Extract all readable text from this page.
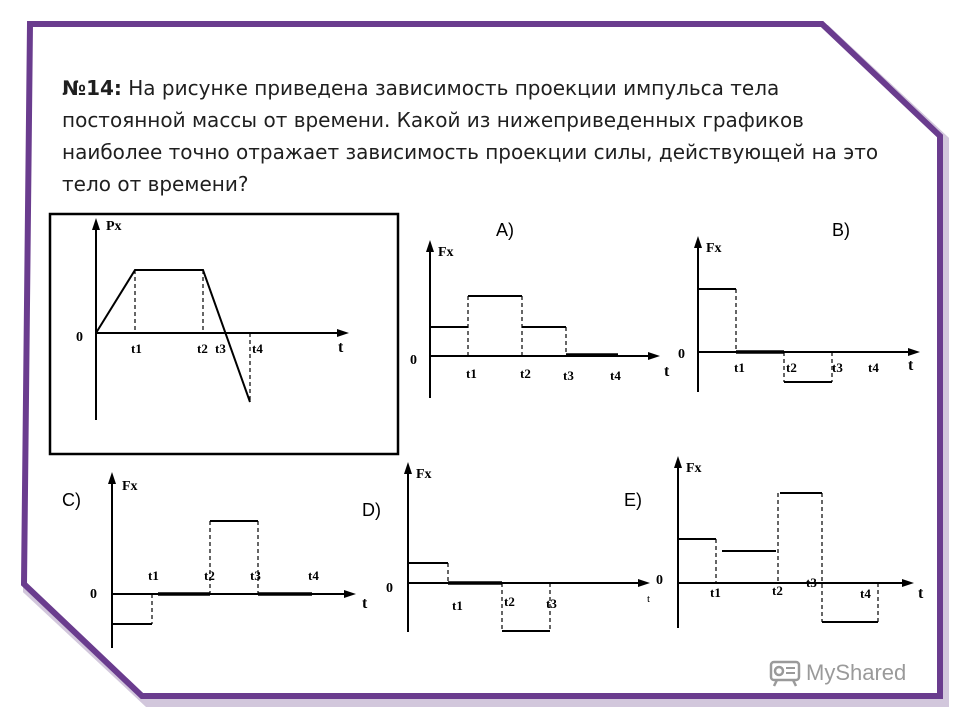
№14: На рисунке приведена зависимость проекции импульса тела постоянной массы от времени. Какой из нижеприведенных графиков наиболее точно отражает зависимость проекции силы, действующей на это тело от времени?
A)	B)
C)	D)	E)
Px
t
0
t1	t2 t3 t4
Fx
t
0
t1	t2 t3	t4
Fx
t
0
t1	t2	t3 t4
Fx
t
0
t1	t2	t3	t4
Fx
0
t
t1	t2 t3
Fx
t
0
t1	t2
t3
t4
MyShared
